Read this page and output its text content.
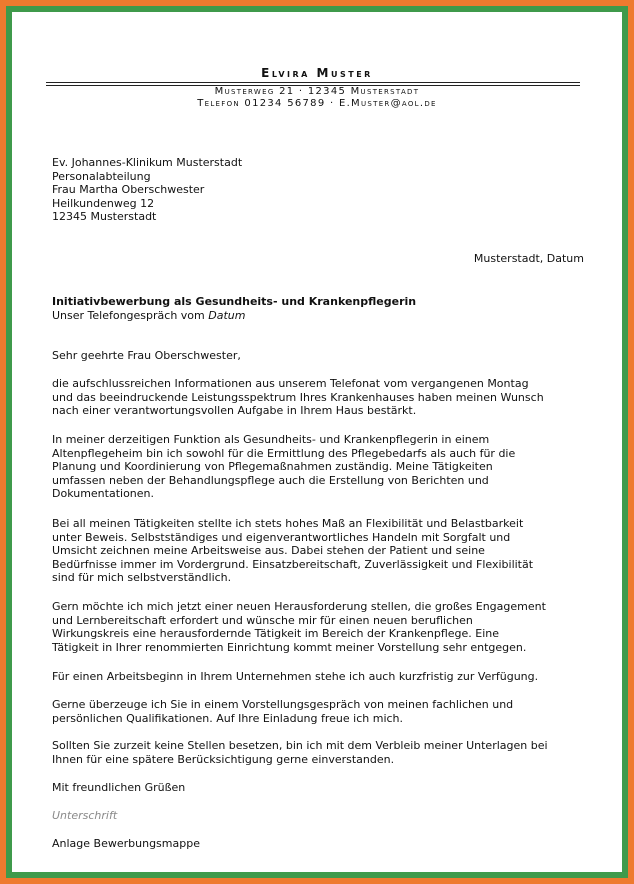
Elvira Muster
Musterweg 21 · 12345 Musterstadt
Telefon 01234 56789 · E.Muster@aol.de
Ev. Johannes-Klinikum Musterstadt
Personalabteilung
Frau Martha Oberschwester
Heilkundenweg 12
12345 Musterstadt
Musterstadt, Datum
Initiativbewerbung als Gesundheits- und Krankenpflegerin
Unser Telefongespräch vom Datum
Sehr geehrte Frau Oberschwester,
die aufschlussreichen Informationen aus unserem Telefonat vom vergangenen Montag
und das beeindruckende Leistungsspektrum Ihres Krankenhauses haben meinen Wunsch
nach einer verantwortungsvollen Aufgabe in Ihrem Haus bestärkt.
In meiner derzeitigen Funktion als Gesundheits- und Krankenpflegerin in einem
Altenpflegeheim bin ich sowohl für die Ermittlung des Pflegebedarfs als auch für die
Planung und Koordinierung von Pflegemaßnahmen zuständig. Meine Tätigkeiten
umfassen neben der Behandlungspflege auch die Erstellung von Berichten und
Dokumentationen.
Bei all meinen Tätigkeiten stellte ich stets hohes Maß an Flexibilität und Belastbarkeit
unter Beweis. Selbstständiges und eigenverantwortliches Handeln mit Sorgfalt und
Umsicht zeichnen meine Arbeitsweise aus. Dabei stehen der Patient und seine
Bedürfnisse immer im Vordergrund. Einsatzbereitschaft, Zuverlässigkeit und Flexibilität
sind für mich selbstverständlich.
Gern möchte ich mich jetzt einer neuen Herausforderung stellen, die großes Engagement
und Lernbereitschaft erfordert und wünsche mir für einen neuen beruflichen
Wirkungskreis eine herausfordernde Tätigkeit im Bereich der Krankenpflege. Eine
Tätigkeit in Ihrer renommierten Einrichtung kommt meiner Vorstellung sehr entgegen.
Für einen Arbeitsbeginn in Ihrem Unternehmen stehe ich auch kurzfristig zur Verfügung.
Gerne überzeuge ich Sie in einem Vorstellungsgespräch von meinen fachlichen und
persönlichen Qualifikationen. Auf Ihre Einladung freue ich mich.
Sollten Sie zurzeit keine Stellen besetzen, bin ich mit dem Verbleib meiner Unterlagen bei
Ihnen für eine spätere Berücksichtigung gerne einverstanden.
Mit freundlichen Grüßen
Unterschrift
Anlage Bewerbungsmappe
